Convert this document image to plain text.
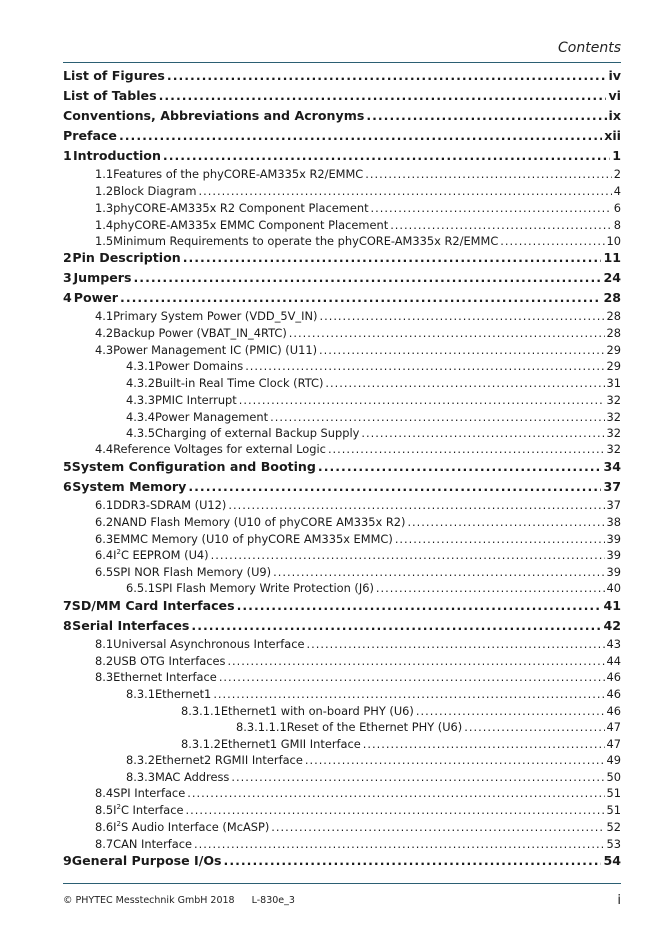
Contents
List of Figures .....	iv
List of Tables .....	vi
Conventions, Abbreviations and Acronyms .....	ix
Preface .....	xii
1 Introduction .....	1
1.1 Features of the phyCORE-AM335x R2/EMMC .....	2
1.2 Block Diagram .....	4
1.3 phyCORE-AM335x R2 Component Placement .....	6
1.4 phyCORE-AM335x EMMC Component Placement .....	8
1.5 Minimum Requirements to operate the phyCORE-AM335x R2/EMMC .....	10
2 Pin Description .....	11
3 Jumpers .....	24
4 Power .....	28
4.1 Primary System Power (VDD_5V_IN) .....	28
4.2 Backup Power (VBAT_IN_4RTC) .....	28
4.3 Power Management IC (PMIC) (U11) .....	29
4.3.1 Power Domains .....	29
4.3.2 Built-in Real Time Clock (RTC) .....	31
4.3.3 PMIC Interrupt .....	32
4.3.4 Power Management .....	32
4.3.5 Charging of external Backup Supply .....	32
4.4 Reference Voltages for external Logic .....	32
5 System Configuration and Booting .....	34
6 System Memory .....	37
6.1 DDR3-SDRAM (U12) .....	37
6.2 NAND Flash Memory (U10 of phyCORE AM335x R2) .....	38
6.3 EMMC Memory (U10 of phyCORE AM335x EMMC) .....	39
6.4 $I^2C$ EEPROM (U4) .....	39
6.5 SPI NOR Flash Memory (U9) .....	39
6.5.1 SPI Flash Memory Write Protection (J6) .....	40
7 SD/MM Card Interfaces .....	41
8 Serial Interfaces .....	42
8.1 Universal Asynchronous Interface .....	43
8.2 USB OTG Interfaces .....	44
8.3 Ethernet Interface .....	46
8.3.1 Ethernet1 .....	46
8.3.1.1 Ethernet1 with on-board PHY (U6) .....	46
8.3.1.1.1 Reset of the Ethernet PHY (U6) .....	47
8.3.1.2 Ethernet1 GMII Interface .....	47
8.3.2 Ethernet2 RGMII Interface .....	49
8.3.3 MAC Address .....	50
8.4 SPI Interface .....	51
8.5 $I^2C$ Interface .....	51
8.6 $I^2S$ Audio Interface (McASP) .....	52
8.7 CAN Interface .....	53
9 General Purpose I/Os .....	54
© PHYTEC Messtechnik GmbH 2018 L-830e_3	i
